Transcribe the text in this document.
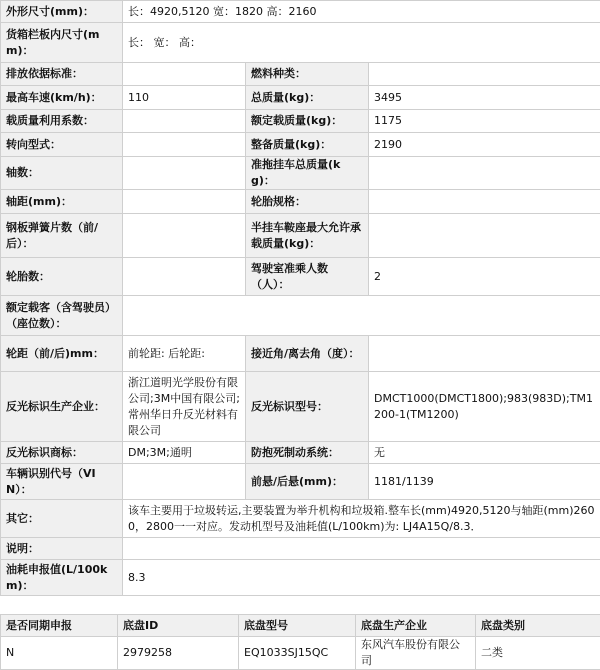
外形尺寸(mm)：	长：4920,5120 宽：1820 高：2160		
货箱栏板内尺寸(mm)：	长： 宽： 高：		
排放依据标准：		燃料种类：	
最高车速(km/h)：	110	总质量(kg)：	3495
载质量利用系数：		额定载质量(kg)：	1175
转向型式：		整备质量(kg)：	2190
轴数：		准拖挂车总质量(kg)：	
轴距(mm)：		轮胎规格：	
钢板弹簧片数（前/后）：		半挂车鞍座最大允许承载质量(kg)：	
轮胎数：		驾驶室准乘人数（人）：	2
额定载客（含驾驶员）（座位数）：			
轮距（前/后)mm：	前轮距: 后轮距:	接近角/离去角（度）：	
反光标识生产企业：	浙江道明光学股份有限公司;3M中国有限公司;常州华日升反光材料有限公司	反光标识型号：	DMCT1000(DMCT1800);983(983D);TM1200-1(TM1200)
反光标识商标：	DM;3M;通明	防抱死制动系统：	无
车辆识别代号（VIN）：		前悬/后悬(mm)：	1181/1139
其它：	该车主要用于垃圾转运,主要装置为举升机构和垃圾箱.整车长(mm)4920,5120与轴距(mm)2600，2800一一对应。发动机型号及油耗值(L/100km)为: LJ4A15Q/8.3．		
说明：			
油耗申报值(L/100km)：	8.3		
是否同期申报	底盘ID	底盘型号	底盘生产企业	底盘类别
N	2979258	EQ1033SJ15QC	东风汽车股份有限公司	二类
